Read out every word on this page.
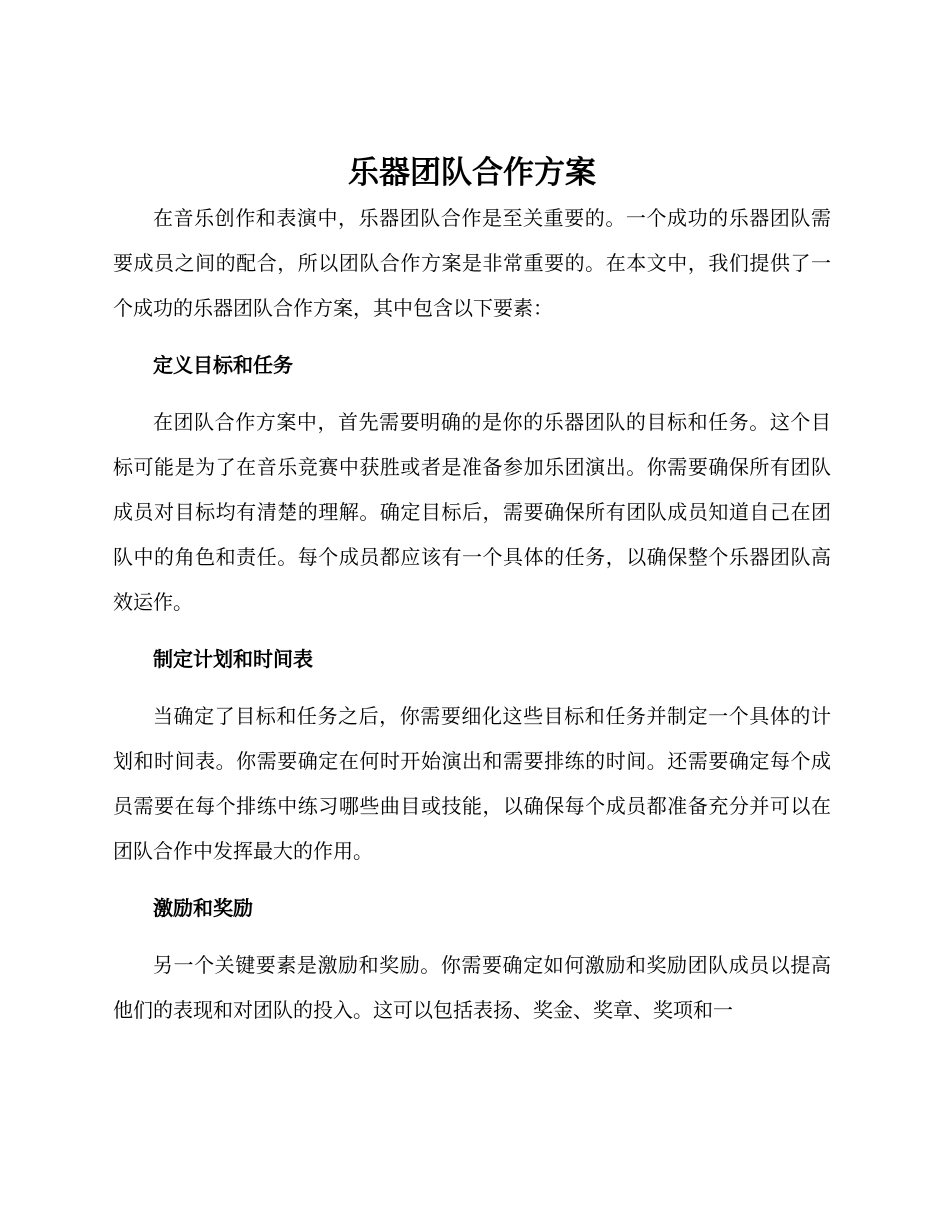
乐器团队合作方案

在音乐创作和表演中，乐器团队合作是至关重要的。一个成功的乐器团队需要成员之间的配合，所以团队合作方案是非常重要的。在本文中，我们提供了一个成功的乐器团队合作方案，其中包含以下要素：

定义目标和任务

在团队合作方案中，首先需要明确的是你的乐器团队的目标和任务。这个目标可能是为了在音乐竞赛中获胜或者是准备参加乐团演出。你需要确保所有团队成员对目标均有清楚的理解。确定目标后，需要确保所有团队成员知道自己在团队中的角色和责任。每个成员都应该有一个具体的任务，以确保整个乐器团队高效运作。

制定计划和时间表

当确定了目标和任务之后，你需要细化这些目标和任务并制定一个具体的计划和时间表。你需要确定在何时开始演出和需要排练的时间。还需要确定每个成员需要在每个排练中练习哪些曲目或技能，以确保每个成员都准备充分并可以在团队合作中发挥最大的作用。

激励和奖励

另一个关键要素是激励和奖励。你需要确定如何激励和奖励团队成员以提高他们的表现和对团队的投入。这可以包括表扬、奖金、奖章、奖项和一
